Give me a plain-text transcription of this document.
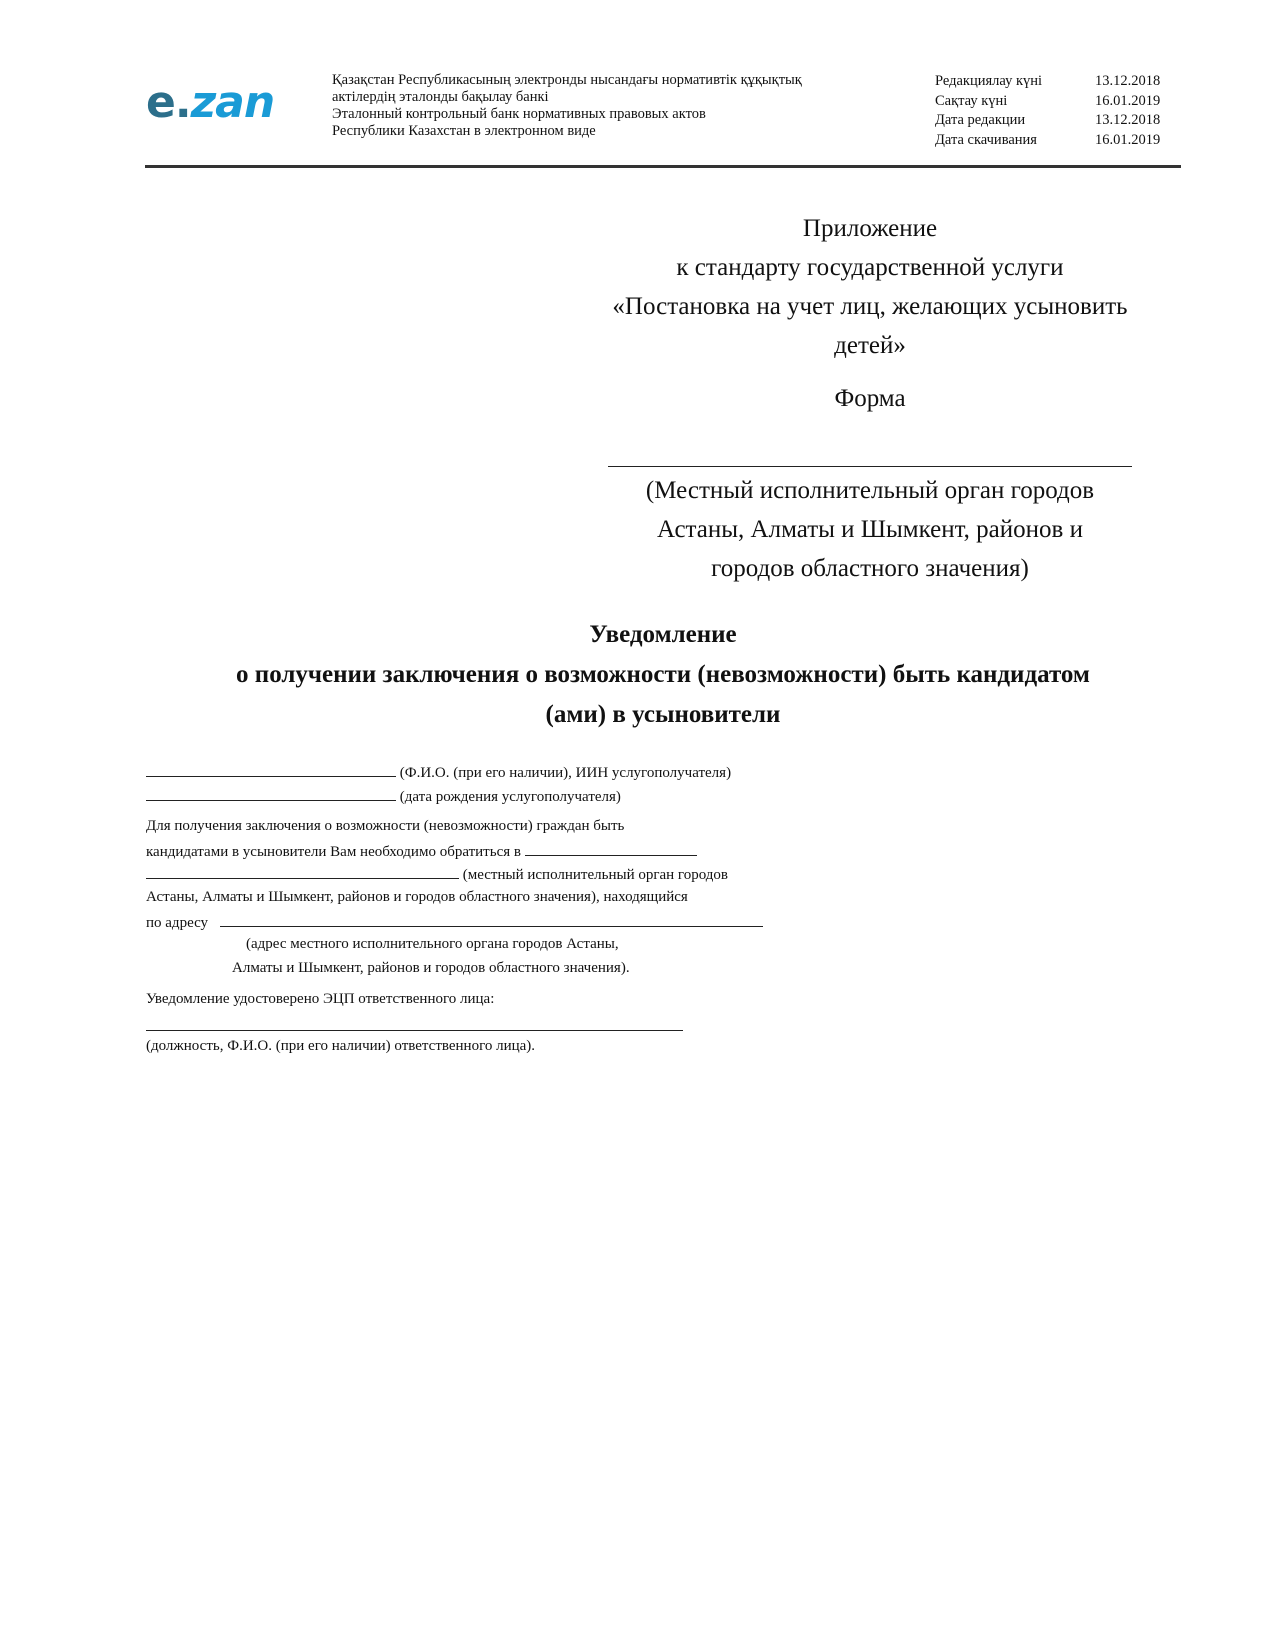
e.zan	Қазақстан Республикасының электронды нысандағы нормативтік құқықтық
актілердің эталонды бақылау банкі
Эталонный контрольный банк нормативных правовых актов
Республики Казахстан в электронном виде
Редакциялау күні	13.12.2018
Сақтау күні	16.01.2019
Дата редакции	13.12.2018
Дата скачивания	16.01.2019
Приложение
к стандарту государственной услуги
«Постановка на учет лиц, желающих усыновить
детей»
Форма
(Местный исполнительный орган городов
Астаны, Алматы и Шымкент, районов и
городов областного значения)
Уведомление
о получении заключения о возможности (невозможности) быть кандидатом
(ами) в усыновители
(Ф.И.О. (при его наличии), ИИН услугополучателя)
(дата рождения услугополучателя)
Для получения заключения о возможности (невозможности) граждан быть
кандидатами в усыновители Вам необходимо обратиться в
(местный исполнительный орган городов
Астаны, Алматы и Шымкент, районов и городов областного значения), находящийся
по адресу
(адрес местного исполнительного органа городов Астаны,
Алматы и Шымкент, районов и городов областного значения).
Уведомление удостоверено ЭЦП ответственного лица:
(должность, Ф.И.О. (при его наличии) ответственного лица).
